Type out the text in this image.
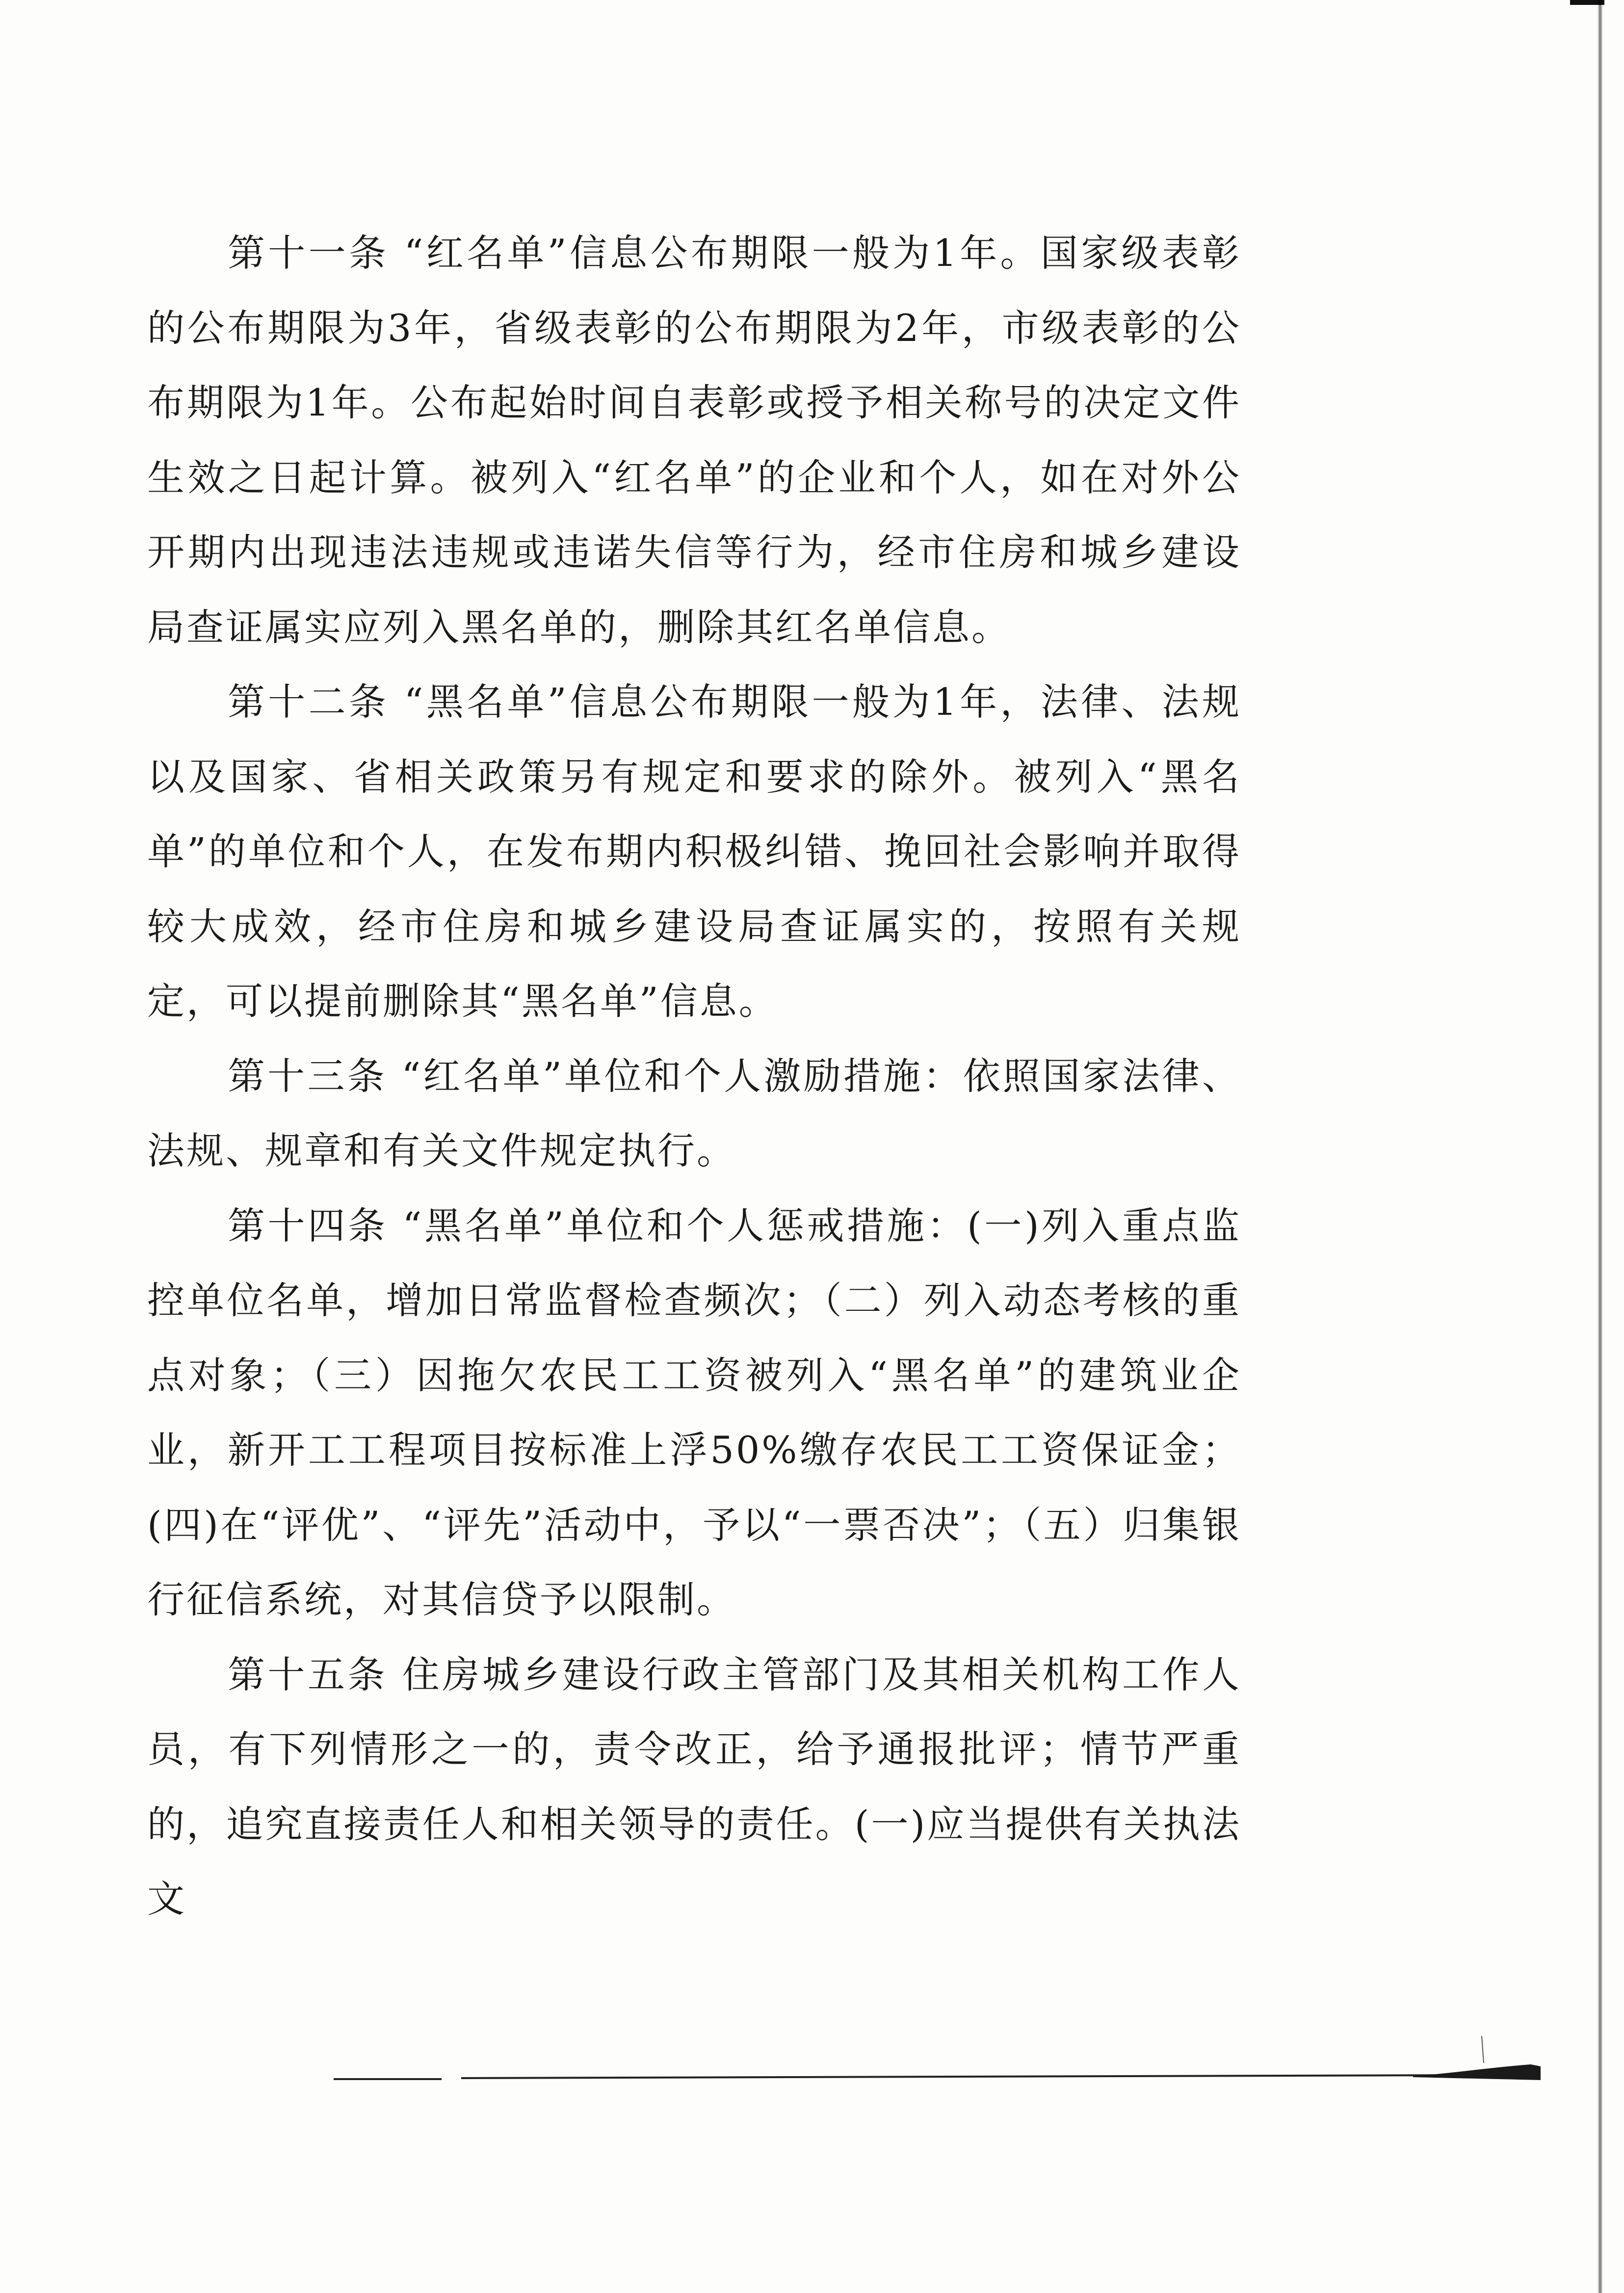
第十一条 “红名单”信息公布期限一般为1年。国家级表彰的公布期限为3年，省级表彰的公布期限为2年，市级表彰的公布期限为1年。公布起始时间自表彰或授予相关称号的决定文件生效之日起计算。被列入“红名单”的企业和个人，如在对外公开期内出现违法违规或违诺失信等行为，经市住房和城乡建设局查证属实应列入黑名单的，删除其红名单信息。

第十二条 “黑名单”信息公布期限一般为1年，法律、法规以及国家、省相关政策另有规定和要求的除外。被列入“黑名单”的单位和个人，在发布期内积极纠错、挽回社会影响并取得较大成效，经市住房和城乡建设局查证属实的，按照有关规定，可以提前删除其“黑名单”信息。

第十三条 “红名单”单位和个人激励措施：依照国家法律、法规、规章和有关文件规定执行。

第十四条 “黑名单”单位和个人惩戒措施：(一)列入重点监控单位名单，增加日常监督检查频次；（二）列入动态考核的重点对象；（三）因拖欠农民工工资被列入“黑名单”的建筑业企业，新开工工程项目按标准上浮50%缴存农民工工资保证金；(四)在“评优”、“评先”活动中，予以“一票否决”；（五）归集银行征信系统，对其信贷予以限制。

第十五条 住房城乡建设行政主管部门及其相关机构工作人员，有下列情形之一的，责令改正，给予通报批评；情节严重的，追究直接责任人和相关领导的责任。(一)应当提供有关执法文
